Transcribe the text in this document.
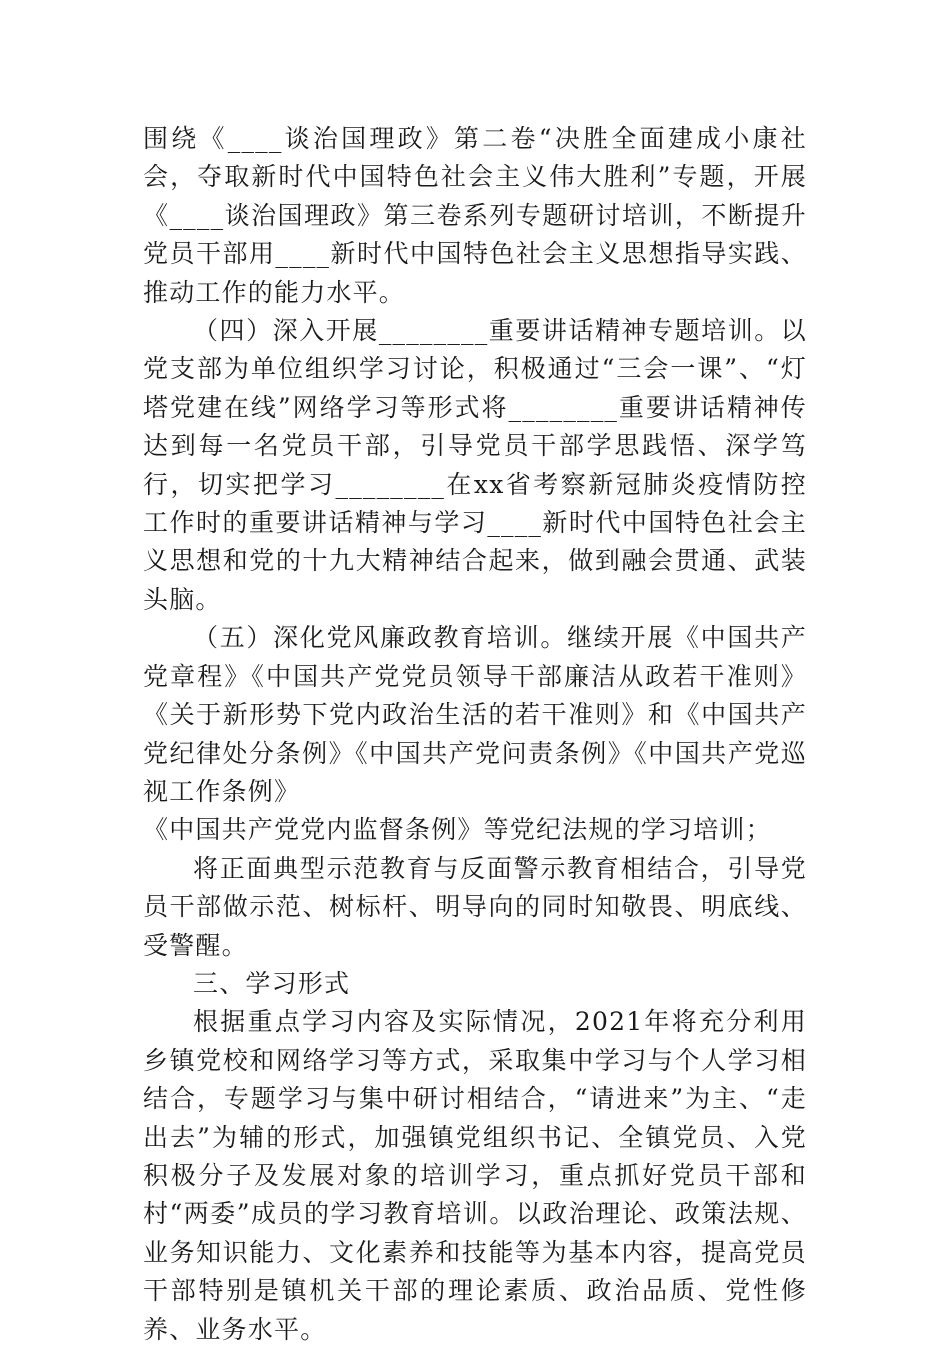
围绕《____谈治国理政》第二卷“决胜全面建成小康社会，夺取新时代中国特色社会主义伟大胜利”专题，开展《____谈治国理政》第三卷系列专题研讨培训，不断提升党员干部用____新时代中国特色社会主义思想指导实践、推动工作的能力水平。

（四）深入开展________重要讲话精神专题培训。以党支部为单位组织学习讨论，积极通过“三会一课”、“灯塔党建在线”网络学习等形式将________重要讲话精神传达到每一名党员干部，引导党员干部学思践悟、深学笃行，切实把学习________在xx省考察新冠肺炎疫情防控工作时的重要讲话精神与学习____新时代中国特色社会主义思想和党的十九大精神结合起来，做到融会贯通、武装头脑。

（五）深化党风廉政教育培训。继续开展《中国共产党章程》《中国共产党党员领导干部廉洁从政若干准则》《关于新形势下党内政治生活的若干准则》和《中国共产党纪律处分条例》《中国共产党问责条例》《中国共产党巡视工作条例》

《中国共产党党内监督条例》等党纪法规的学习培训；

将正面典型示范教育与反面警示教育相结合，引导党员干部做示范、树标杆、明导向的同时知敬畏、明底线、受警醒。

三、学习形式

根据重点学习内容及实际情况，2021年将充分利用乡镇党校和网络学习等方式，采取集中学习与个人学习相结合，专题学习与集中研讨相结合，“请进来”为主、“走出去”为辅的形式，加强镇党组织书记、全镇党员、入党积极分子及发展对象的培训学习，重点抓好党员干部和村“两委”成员的学习教育培训。以政治理论、政策法规、业务知识能力、文化素养和技能等为基本内容，提高党员干部特别是镇机关干部的理论素质、政治品质、党性修养、业务水平。
